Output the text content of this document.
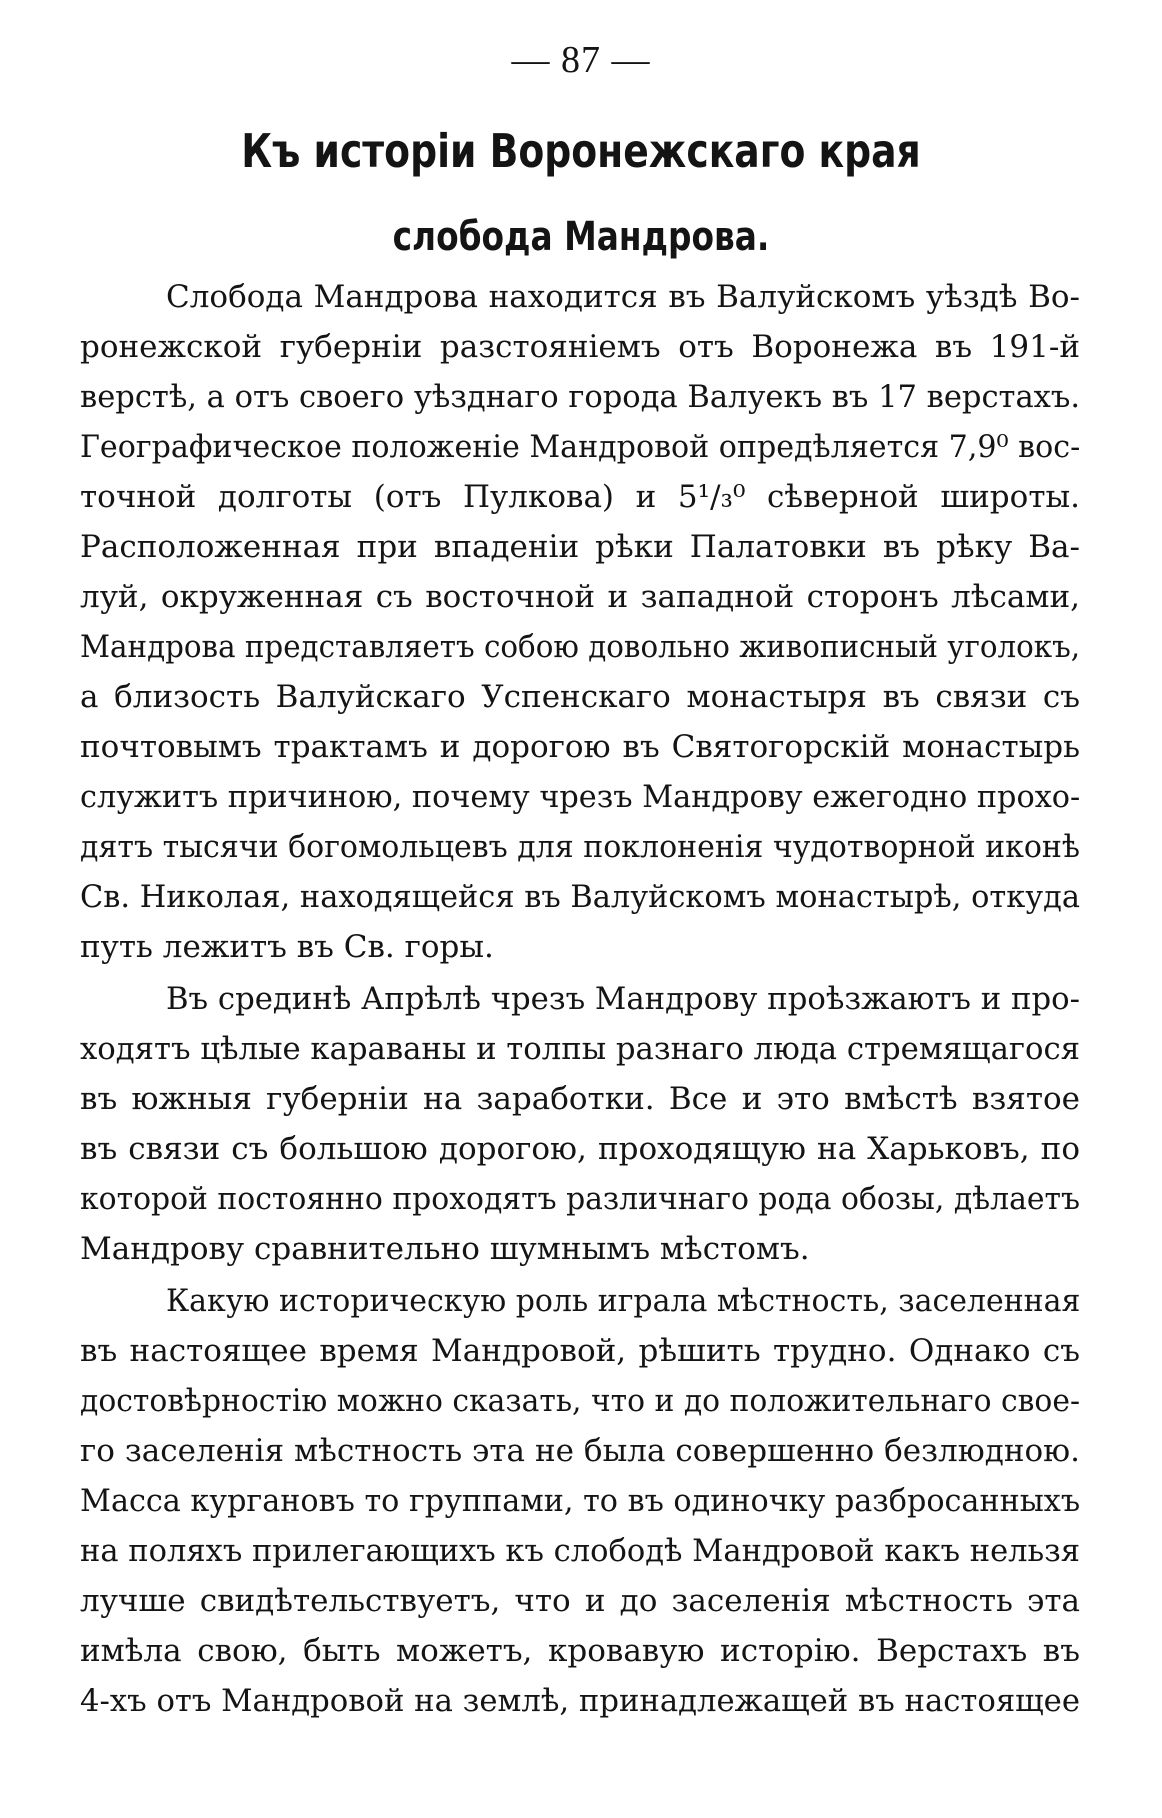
— 87 —
Къ исторіи Воронежскаго края
слобода Мандрова.
Слобода Мандрова находится въ Валуйскомъ уѣздѣ Во-
ронежской губерніи разстояніемъ отъ Воронежа въ 191-й
верстѣ, а отъ своего уѣзднаго города Валуекъ въ 17 верстахъ.
Географическое положеніе Мандровой опредѣляется 7,9⁰ вос-
точной долготы (отъ Пулкова) и 5¹/₃⁰ сѣверной широты.
Расположенная при впаденіи рѣки Палатовки въ рѣку Ва-
луй, окруженная съ восточной и западной сторонъ лѣсами,
Мандрова представляетъ собою довольно живописный уголокъ,
а близость Валуйскаго Успенскаго монастыря въ связи съ
почтовымъ трактамъ и дорогою въ Святогорскій монастырь
служитъ причиною, почему чрезъ Мандрову ежегодно прохо-
дятъ тысячи богомольцевъ для поклоненія чудотворной иконѣ
Св. Николая, находящейся въ Валуйскомъ монастырѣ, откуда
путь лежитъ въ Св. горы.
Въ срединѣ Апрѣлѣ чрезъ Мандрову проѣзжаютъ и про-
ходятъ цѣлые караваны и толпы разнаго люда стремящагося
въ южныя губерніи на заработки. Все и это вмѣстѣ взятое
въ связи съ большою дорогою, проходящую на Харьковъ, по
которой постоянно проходятъ различнаго рода обозы, дѣлаетъ
Мандрову сравнительно шумнымъ мѣстомъ.
Какую историческую роль играла мѣстность, заселенная
въ настоящее время Мандровой, рѣшить трудно. Однако съ
достовѣрностію можно сказать, что и до положительнаго свое-
го заселенія мѣстность эта не была совершенно безлюдною.
Масса кургановъ то группами, то въ одиночку разбросанныхъ
на поляхъ прилегающихъ къ слободѣ Мандровой какъ нельзя
лучше свидѣтельствуетъ, что и до заселенія мѣстность эта
имѣла свою, быть можетъ, кровавую исторію. Верстахъ въ
4-хъ отъ Мандровой на землѣ, принадлежащей въ настоящее
